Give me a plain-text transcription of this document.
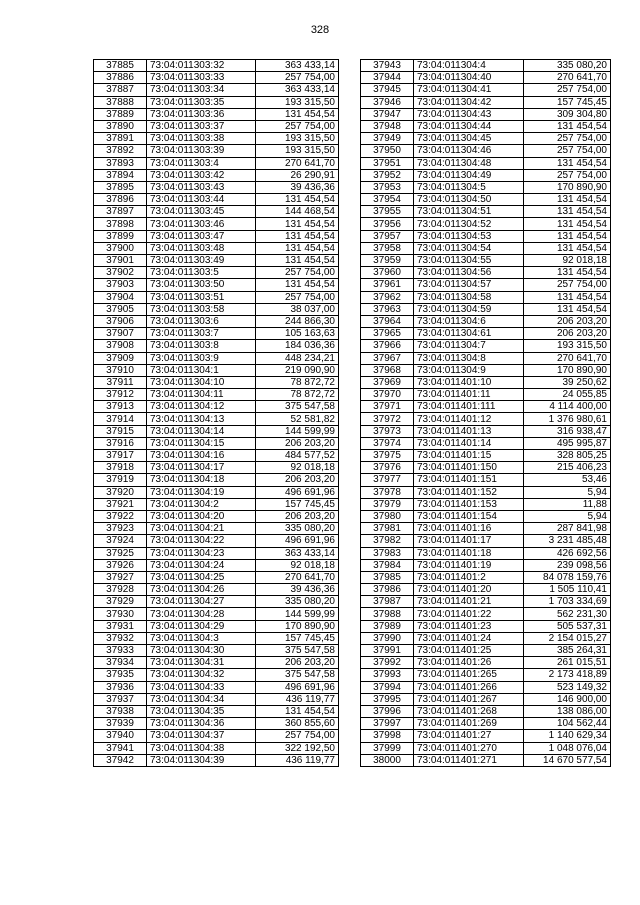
328
37885	73:04:011303:32	363 433,14
37886	73:04:011303:33	257 754,00
37887	73:04:011303:34	363 433,14
37888	73:04:011303:35	193 315,50
37889	73:04:011303:36	131 454,54
37890	73:04:011303:37	257 754,00
37891	73:04:011303:38	193 315,50
37892	73:04:011303:39	193 315,50
37893	73:04:011303:4	270 641,70
37894	73:04:011303:42	26 290,91
37895	73:04:011303:43	39 436,36
37896	73:04:011303:44	131 454,54
37897	73:04:011303:45	144 468,54
37898	73:04:011303:46	131 454,54
37899	73:04:011303:47	131 454,54
37900	73:04:011303:48	131 454,54
37901	73:04:011303:49	131 454,54
37902	73:04:011303:5	257 754,00
37903	73:04:011303:50	131 454,54
37904	73:04:011303:51	257 754,00
37905	73:04:011303:58	38 037,00
37906	73:04:011303:6	244 866,30
37907	73:04:011303:7	105 163,63
37908	73:04:011303:8	184 036,36
37909	73:04:011303:9	448 234,21
37910	73:04:011304:1	219 090,90
37911	73:04:011304:10	78 872,72
37912	73:04:011304:11	78 872,72
37913	73:04:011304:12	375 547,58
37914	73:04:011304:13	52 581,82
37915	73:04:011304:14	144 599,99
37916	73:04:011304:15	206 203,20
37917	73:04:011304:16	484 577,52
37918	73:04:011304:17	92 018,18
37919	73:04:011304:18	206 203,20
37920	73:04:011304:19	496 691,96
37921	73:04:011304:2	157 745,45
37922	73:04:011304:20	206 203,20
37923	73:04:011304:21	335 080,20
37924	73:04:011304:22	496 691,96
37925	73:04:011304:23	363 433,14
37926	73:04:011304:24	92 018,18
37927	73:04:011304:25	270 641,70
37928	73:04:011304:26	39 436,36
37929	73:04:011304:27	335 080,20
37930	73:04:011304:28	144 599,99
37931	73:04:011304:29	170 890,90
37932	73:04:011304:3	157 745,45
37933	73:04:011304:30	375 547,58
37934	73:04:011304:31	206 203,20
37935	73:04:011304:32	375 547,58
37936	73:04:011304:33	496 691,96
37937	73:04:011304:34	436 119,77
37938	73:04:011304:35	131 454,54
37939	73:04:011304:36	360 855,60
37940	73:04:011304:37	257 754,00
37941	73:04:011304:38	322 192,50
37942	73:04:011304:39	436 119,77
37943	73:04:011304:4	335 080,20
37944	73:04:011304:40	270 641,70
37945	73:04:011304:41	257 754,00
37946	73:04:011304:42	157 745,45
37947	73:04:011304:43	309 304,80
37948	73:04:011304:44	131 454,54
37949	73:04:011304:45	257 754,00
37950	73:04:011304:46	257 754,00
37951	73:04:011304:48	131 454,54
37952	73:04:011304:49	257 754,00
37953	73:04:011304:5	170 890,90
37954	73:04:011304:50	131 454,54
37955	73:04:011304:51	131 454,54
37956	73:04:011304:52	131 454,54
37957	73:04:011304:53	131 454,54
37958	73:04:011304:54	131 454,54
37959	73:04:011304:55	92 018,18
37960	73:04:011304:56	131 454,54
37961	73:04:011304:57	257 754,00
37962	73:04:011304:58	131 454,54
37963	73:04:011304:59	131 454,54
37964	73:04:011304:6	206 203,20
37965	73:04:011304:61	206 203,20
37966	73:04:011304:7	193 315,50
37967	73:04:011304:8	270 641,70
37968	73:04:011304:9	170 890,90
37969	73:04:011401:10	39 250,62
37970	73:04:011401:11	24 055,85
37971	73:04:011401:111	4 114 400,00
37972	73:04:011401:12	1 376 980,61
37973	73:04:011401:13	316 938,47
37974	73:04:011401:14	495 995,87
37975	73:04:011401:15	328 805,25
37976	73:04:011401:150	215 406,23
37977	73:04:011401:151	53,46
37978	73:04:011401:152	5,94
37979	73:04:011401:153	11,88
37980	73:04:011401:154	5,94
37981	73:04:011401:16	287 841,98
37982	73:04:011401:17	3 231 485,48
37983	73:04:011401:18	426 692,56
37984	73:04:011401:19	239 098,56
37985	73:04:011401:2	84 078 159,76
37986	73:04:011401:20	1 505 110,41
37987	73:04:011401:21	1 703 334,69
37988	73:04:011401:22	562 231,30
37989	73:04:011401:23	505 537,31
37990	73:04:011401:24	2 154 015,27
37991	73:04:011401:25	385 264,31
37992	73:04:011401:26	261 015,51
37993	73:04:011401:265	2 173 418,89
37994	73:04:011401:266	523 149,32
37995	73:04:011401:267	146 900,00
37996	73:04:011401:268	138 086,00
37997	73:04:011401:269	104 562,44
37998	73:04:011401:27	1 140 629,34
37999	73:04:011401:270	1 048 076,04
38000	73:04:011401:271	14 670 577,54
